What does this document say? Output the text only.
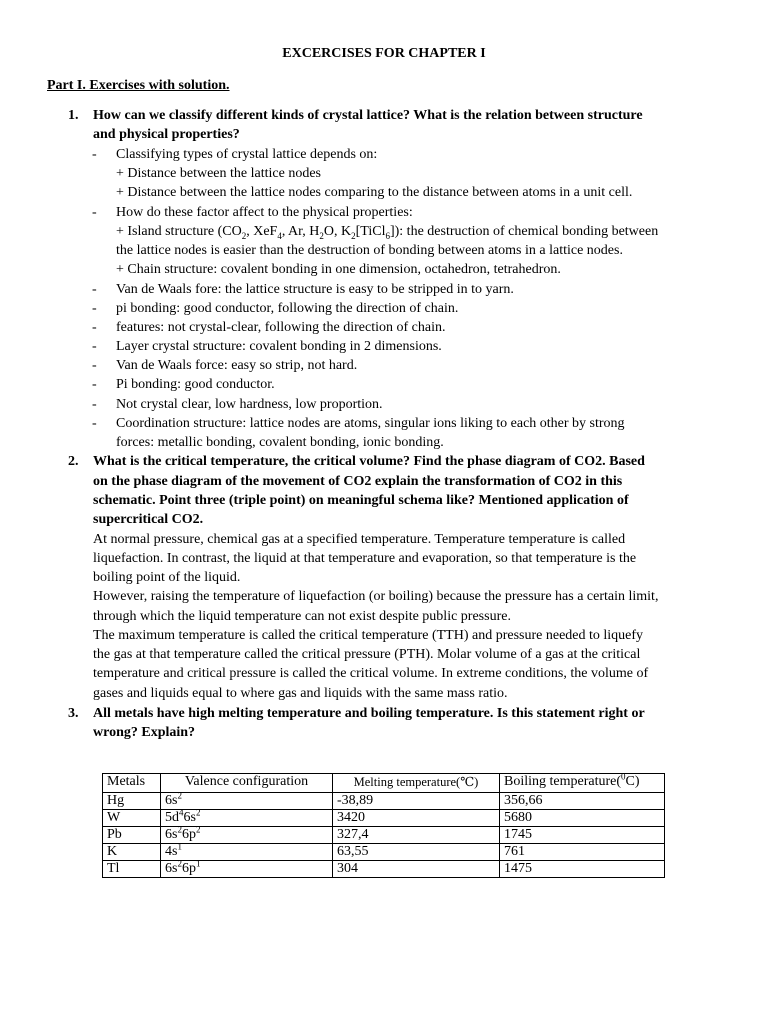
EXCERCISES FOR CHAPTER I
Part I. Exercises with solution.
1. How can we classify different kinds of crystal lattice? What is the relation between structure
and physical properties?
- Classifying types of crystal lattice depends on:
+ Distance between the lattice nodes
+ Distance between the lattice nodes comparing to the distance between atoms in a unit cell.
- How do these factor affect to the physical properties:
+ Island structure ($CO_2$, XeF$_4$, Ar, $H_2O$, $K_2[TiCl_6]$): the destruction of chemical bonding between
the lattice nodes is easier than the destruction of bonding between atoms in a lattice nodes.
+ Chain structure: covalent bonding in one dimension, octahedron, tetrahedron.
- Van de Waals fore: the lattice structure is easy to be stripped in to yarn.
- pi bonding: good conductor, following the direction of chain.
- features: not crystal-clear, following the direction of chain.
- Layer crystal structure: covalent bonding in 2 dimensions.
- Van de Waals force: easy so strip, not hard.
- Pi bonding: good conductor.
- Not crystal clear, low hardness, low proportion.
- Coordination structure: lattice nodes are atoms, singular ions liking to each other by strong
forces: metallic bonding, covalent bonding, ionic bonding.
2. What is the critical temperature, the critical volume? Find the phase diagram of CO2. Based
on the phase diagram of the movement of CO2 explain the transformation of CO2 in this
schematic. Point three (triple point) on meaningful schema like? Mentioned application of
supercritical CO2.
At normal pressure, chemical gas at a specified temperature. Temperature temperature is called
liquefaction. In contrast, the liquid at that temperature and evaporation, so that temperature is the
boiling point of the liquid.
However, raising the temperature of liquefaction (or boiling) because the pressure has a certain limit,
through which the liquid temperature can not exist despite public pressure.
The maximum temperature is called the critical temperature (TTH) and pressure needed to liquefy
the gas at that temperature called the critical pressure (PTH). Molar volume of a gas at the critical
temperature and critical pressure is called the critical volume. In extreme conditions, the volume of
gases and liquids equal to where gas and liquids with the same mass ratio.
3. All metals have high melting temperature and boiling temperature. Is this statement right or
wrong? Explain?
Metals	Valence configuration	Melting temperature(℃)	Boiling temperature($^0$C)
Hg	$6s^2$	-38,89	356,66
W	$5d^46s^2$	3420	5680
Pb	$6s^26p^2$	327,4	1745
K	$4s^1$	63,55	761
Tl	$6s^26p^1$	304	1475
